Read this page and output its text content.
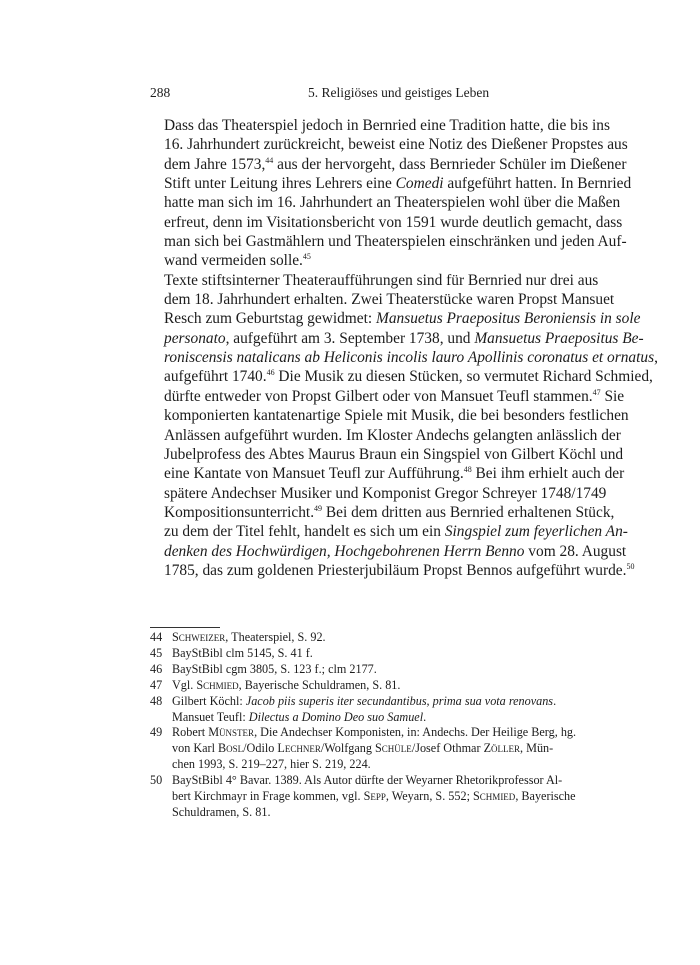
288	5. Religiöses und geistiges Leben

Dass das Theaterspiel jedoch in Bernried eine Tradition hatte, die bis ins
16. Jahrhundert zurückreicht, beweist eine Notiz des Dießener Propstes aus
dem Jahre 1573,44 aus der hervorgeht, dass Bernrieder Schüler im Dießener
Stift unter Leitung ihres Lehrers eine Comedi aufgeführt hatten. In Bernried
hatte man sich im 16. Jahrhundert an Theaterspielen wohl über die Maßen
erfreut, denn im Visitationsbericht von 1591 wurde deutlich gemacht, dass
man sich bei Gastmählern und Theaterspielen einschränken und jeden Auf-
wand vermeiden solle.$^{45}$

Texte stiftsinterner Theateraufführungen sind für Bernried nur drei aus
dem 18. Jahrhundert erhalten. Zwei Theaterstücke waren Propst Mansuet
Resch zum Geburtstag gewidmet: Mansuetus Praepositus Beroniensis in sole
personato, aufgeführt am 3. September 1738, und Mansuetus Praepositus Be-
roniscensis natalicans ab Heliconis incolis lauro Apollinis coronatus et ornatus,
aufgeführt 1740.46 Die Musik zu diesen Stücken, so vermutet Richard Schmied,
dürfte entweder von Propst Gilbert oder von Mansuet Teufl stammen.$^{47}$ Sie
komponierten kantatenartige Spiele mit Musik, die bei besonders festlichen
Anlässen aufgeführt wurden. Im Kloster Andechs gelangten anlässlich der
Jubelprofess des Abtes Maurus Braun ein Singspiel von Gilbert Köchl und
eine Kantate von Mansuet Teufl zur Aufführung.$^{48}$ Bei ihm erhielt auch der
spätere Andechser Musiker und Komponist Gregor Schreyer 1748/1749
Kompositionsunterricht.$^{49}$ Bei dem dritten aus Bernried erhaltenen Stück,
zu dem der Titel fehlt, handelt es sich um ein Singspiel zum feyerlichen An-
denken des Hochwürdigen, Hochgebohrenen Herrn Benno vom 28. August
1785, das zum goldenen Priesterjubiläum Propst Bennos aufgeführt wurde.$^{50}$

44 Schweizer, Theaterspiel, S. 92.
45 BayStBibl clm 5145, S. 41 f.
46 BayStBibl cgm 3805, S. 123 f.; clm 2177.
47 Vgl. Schmied, Bayerische Schuldramen, S. 81.
48 Gilbert Köchl: Jacob piis superis iter secundantibus, prima sua vota renovans.
Mansuet Teufl: Dilectus a Domino Deo suo Samuel.
49 Robert Münster, Die Andechser Komponisten, in: Andechs. Der Heilige Berg, hg.
von Karl Bosl/Odilo Lechner/Wolfgang Schüle/Josef Othmar Zöller, Mün-
chen 1993, S. 219–227, hier S. 219, 224.
50 BayStBibl 4° Bavar. 1389. Als Autor dürfte der Weyarner Rhetorikprofessor Al-
bert Kirchmayr in Frage kommen, vgl. Sepp, Weyarn, S. 552; Schmied, Bayerische
Schuldramen, S. 81.
